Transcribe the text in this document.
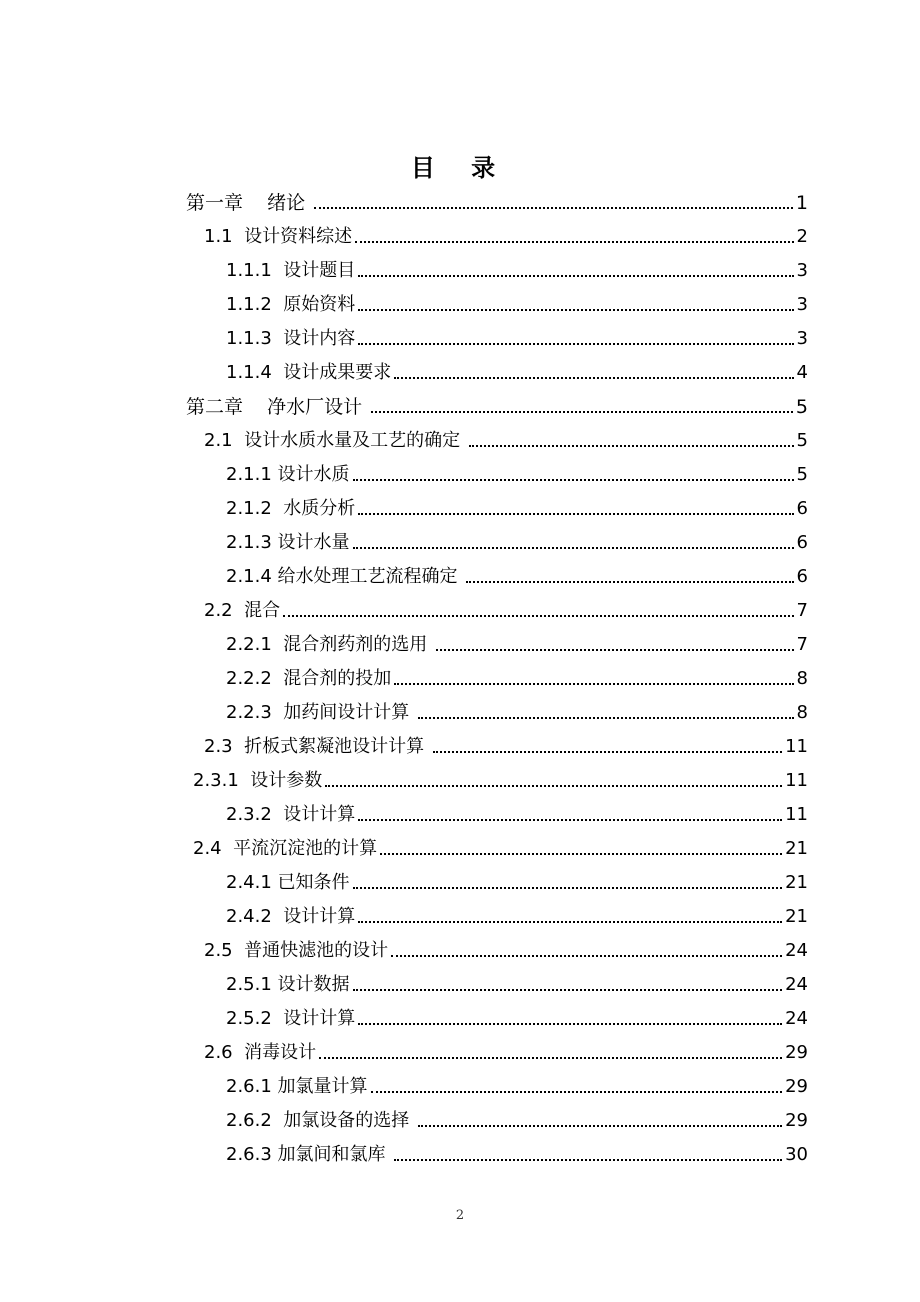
目 录
第一章    绪论	1
1.1  设计资料综述	2
1.1.1  设计题目	3
1.1.2  原始资料	3
1.1.3  设计内容	3
1.1.4  设计成果要求	4
第二章    净水厂设计	5
2.1  设计水质水量及工艺的确定	5
2.1.1 设计水质	5
2.1.2  水质分析	6
2.1.3 设计水量	6
2.1.4 给水处理工艺流程确定	6
2.2  混合	7
2.2.1  混合剂药剂的选用	7
2.2.2  混合剂的投加	8
2.2.3  加药间设计计算	8
2.3  折板式絮凝池设计计算	11
2.3.1  设计参数	11
2.3.2  设计计算	11
2.4  平流沉淀池的计算	21
2.4.1 已知条件	21
2.4.2  设计计算	21
2.5  普通快滤池的设计	24
2.5.1 设计数据	24
2.5.2  设计计算	24
2.6  消毒设计	29
2.6.1 加氯量计算	29
2.6.2  加氯设备的选择	29
2.6.3 加氯间和氯库	30
2
